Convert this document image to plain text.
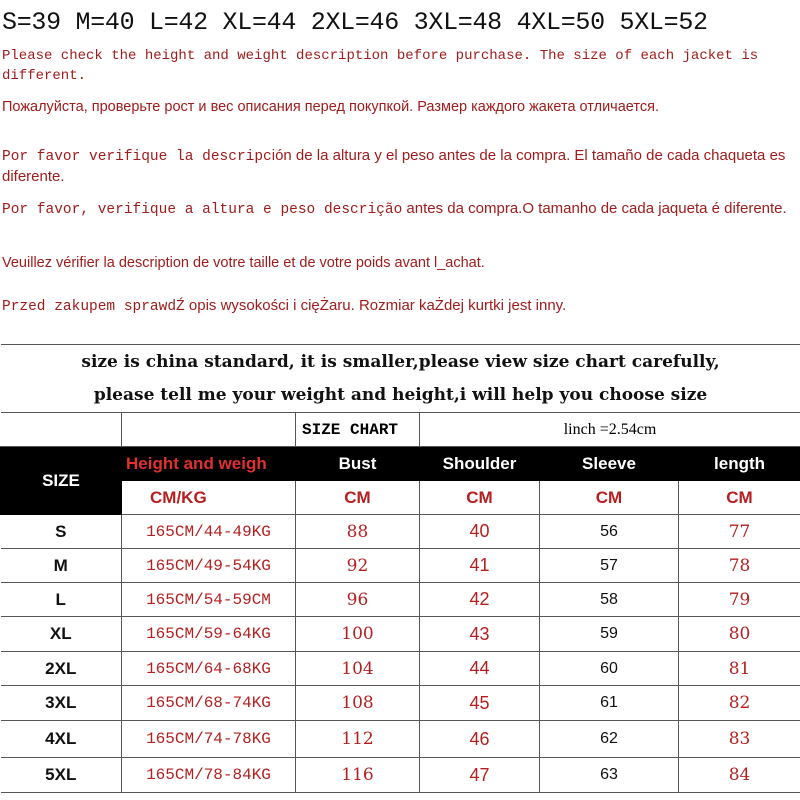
S=39 M=40 L=42 XL=44 2XL=46 3XL=48 4XL=50 5XL=52
Please check the height and weight description before purchase. The size of each jacket is different.
Пожалуйста, проверьте рост и вес описания перед покупкой. Размер каждого жакета отличается.
Por favor verifique la descripción de la altura y el peso antes de la compra. El tamaño de cada chaqueta es diferente.
Por favor, verifique a altura e peso descrição antes da compra.O tamanho de cada jaqueta é diferente.
Veuillez vérifier la description de votre taille et de votre poids avant l_achat.
Przed zakupem sprawdŹ opis wysokości i cięŻaru. Rozmiar kaŻdej kurtki jest inny.
size is china standard, it is smaller,please view size chart carefully,					
please tell me your weight and height,i will help you choose size					
		SIZE CHART	linch =2.54cm		
SIZE	Height and weigh	Bust	Shoulder	Sleeve	length
	CM/KG	CM	CM	CM	CM
S	165CM/44-49KG	88	40	56	77
M	165CM/49-54KG	92	41	57	78
L	165CM/54-59CM	96	42	58	79
XL	165CM/59-64KG	100	43	59	80
2XL	165CM/64-68KG	104	44	60	81
3XL	165CM/68-74KG	108	45	61	82
4XL	165CM/74-78KG	112	46	62	83
5XL	165CM/78-84KG	116	47	63	84
